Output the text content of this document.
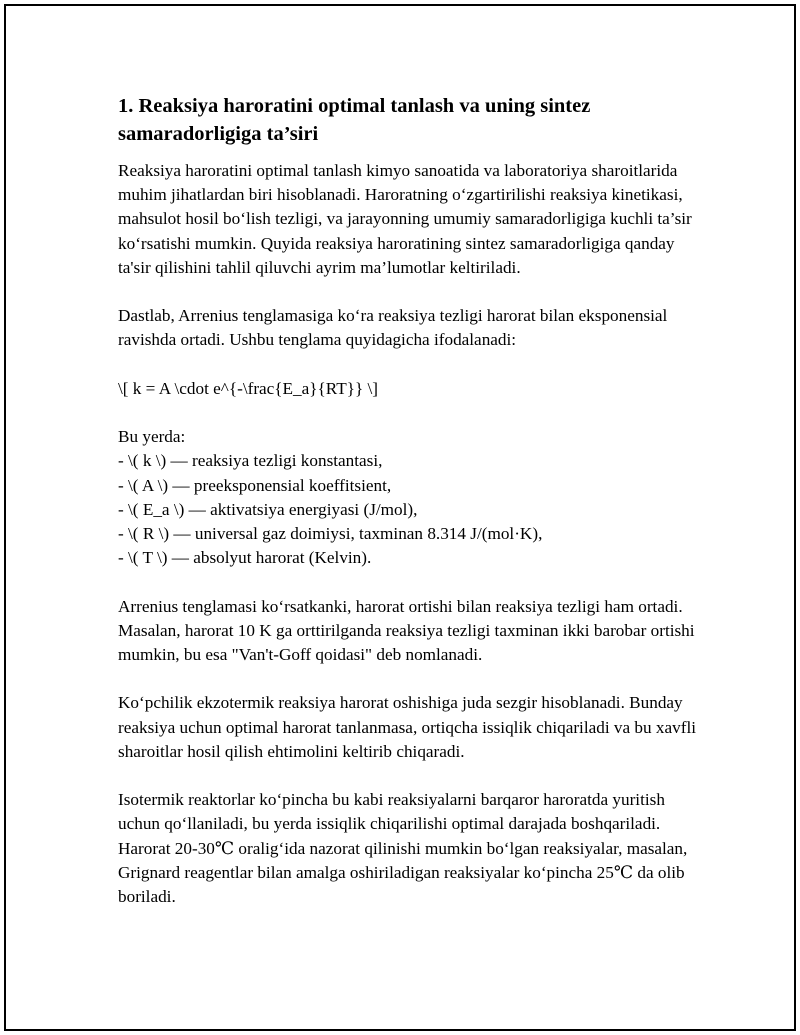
1. Reaksiya haroratini optimal tanlash va uning sintez
samaradorligiga ta’siri

Reaksiya haroratini optimal tanlash kimyo sanoatida va laboratoriya sharoitlarida muhim jihatlardan biri hisoblanadi. Haroratning o‘zgartirilishi reaksiya kinetikasi, mahsulot hosil bo‘lish tezligi, va jarayonning umumiy samaradorligiga kuchli ta’sir ko‘rsatishi mumkin. Quyida reaksiya haroratining sintez samaradorligiga qanday ta'sir qilishini tahlil qiluvchi ayrim ma’lumotlar keltiriladi.

Dastlab, Arrenius tenglamasiga ko‘ra reaksiya tezligi harorat bilan eksponensial ravishda ortadi. Ushbu tenglama quyidagicha ifodalanadi:

\[ k = A \cdot e^{-\frac{E_a}{RT}} \]

Bu yerda:

- \( k \) — reaksiya tezligi konstantasi,

- \( A \) — preeksponensial koeffitsient,

- \( E_a \) — aktivatsiya energiyasi (J/mol),

- \( R \) — universal gaz doimiysi, taxminan 8.314 J/(mol·K),

- \( T \) — absolyut harorat (Kelvin).

Arrenius tenglamasi ko‘rsatkanki, harorat ortishi bilan reaksiya tezligi ham ortadi. Masalan, harorat 10 K ga orttirilganda reaksiya tezligi taxminan ikki barobar ortishi mumkin, bu esa "Van't-Goff qoidasi" deb nomlanadi.

Ko‘pchilik ekzotermik reaksiya harorat oshishiga juda sezgir hisoblanadi. Bunday reaksiya uchun optimal harorat tanlanmasa, ortiqcha issiqlik chiqariladi va bu xavfli sharoitlar hosil qilish ehtimolini keltirib chiqaradi.

Isotermik reaktorlar ko‘pincha bu kabi reaksiyalarni barqaror haroratda yuritish uchun qo‘llaniladi, bu yerda issiqlik chiqarilishi optimal darajada boshqariladi. Harorat 20-30℃ oralig‘ida nazorat qilinishi mumkin bo‘lgan reaksiyalar, masalan, Grignard reagentlar bilan amalga oshiriladigan reaksiyalar ko‘pincha 25℃ da olib boriladi.
